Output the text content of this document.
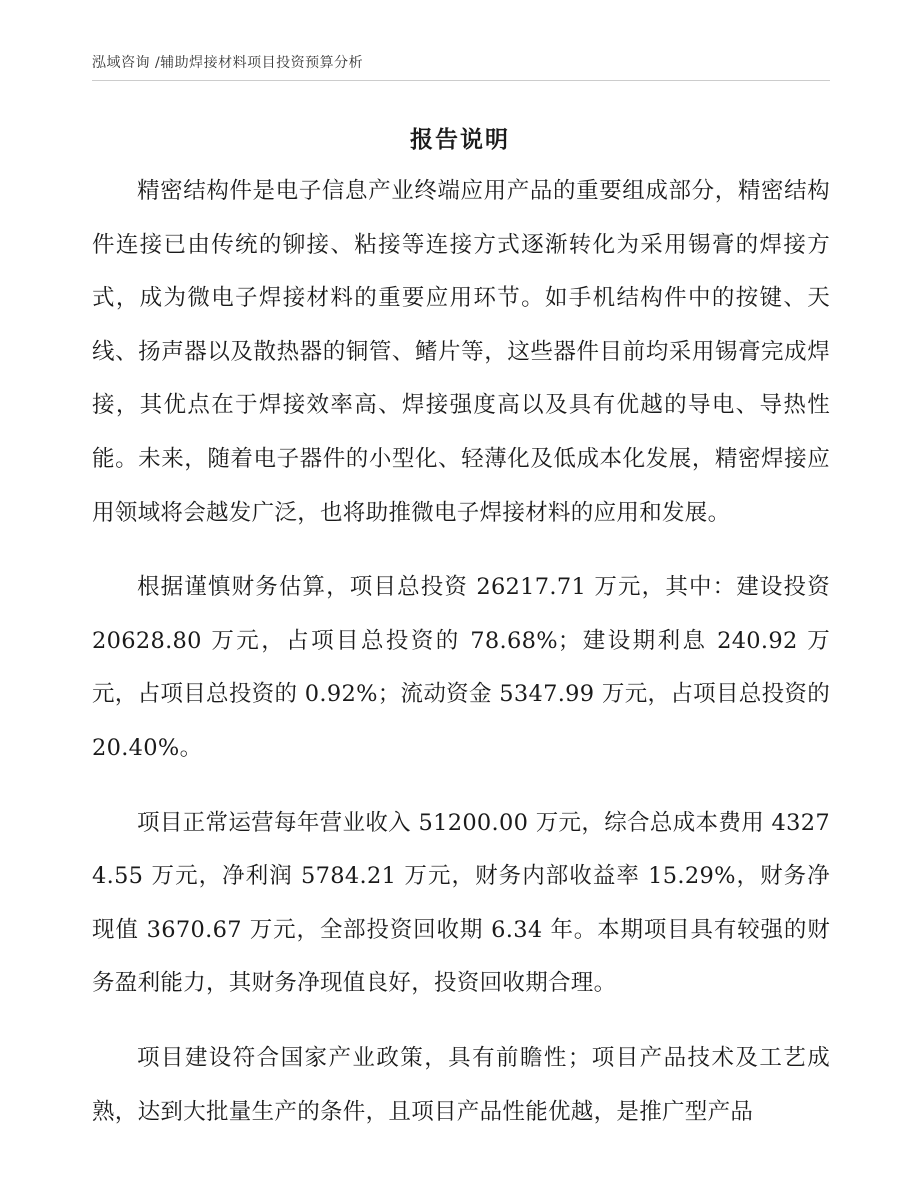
泓域咨询 /辅助焊接材料项目投资预算分析
报告说明

精密结构件是电子信息产业终端应用产品的重要组成部分，精密结构件连接已由传统的铆接、粘接等连接方式逐渐转化为采用锡膏的焊接方式，成为微电子焊接材料的重要应用环节。如手机结构件中的按键、天线、扬声器以及散热器的铜管、鳍片等，这些器件目前均采用锡膏完成焊接，其优点在于焊接效率高、焊接强度高以及具有优越的导电、导热性能。未来，随着电子器件的小型化、轻薄化及低成本化发展，精密焊接应用领域将会越发广泛，也将助推微电子焊接材料的应用和发展。

根据谨慎财务估算，项目总投资 26217.71 万元，其中：建设投资 20628.80 万元，占项目总投资的 78.68%；建设期利息 240.92 万元，占项目总投资的 0.92%；流动资金 5347.99 万元，占项目总投资的 20.40%。

项目正常运营每年营业收入 51200.00 万元，综合总成本费用 43274.55 万元，净利润 5784.21 万元，财务内部收益率 15.29%，财务净现值 3670.67 万元，全部投资回收期 6.34 年。本期项目具有较强的财务盈利能力，其财务净现值良好，投资回收期合理。

项目建设符合国家产业政策，具有前瞻性；项目产品技术及工艺成熟，达到大批量生产的条件，且项目产品性能优越，是推广型产品
